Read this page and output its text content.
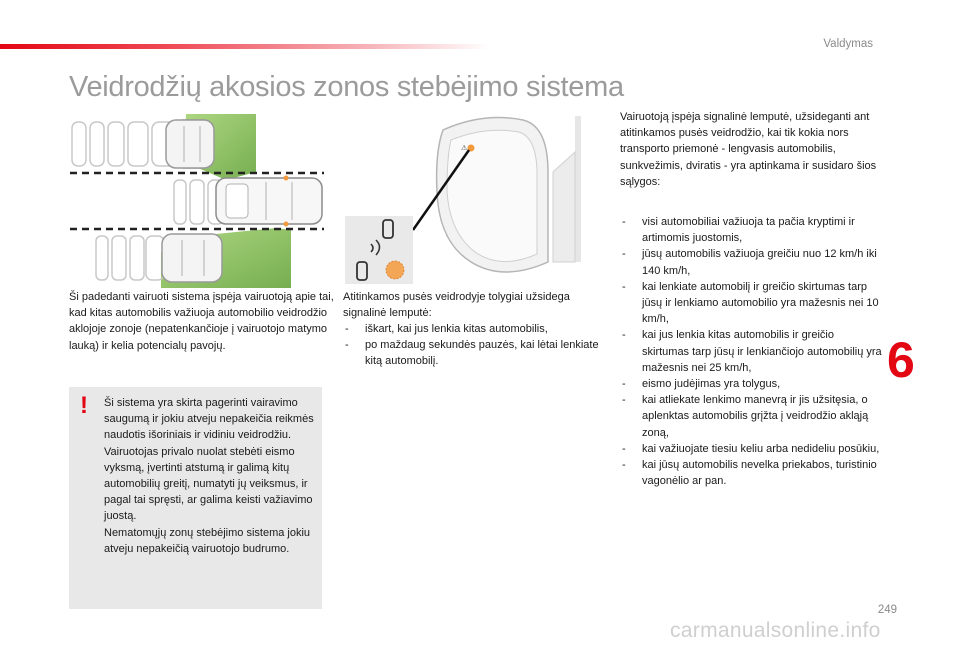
Valdymas
Veidrodžių akosios zonos stebėjimo sistema
⚠

Ši padedanti vairuoti sistema įspėja vairuotoją apie tai, kad kitas automobilis važiuoja automobilio veidrodžio aklojoje zonoje (nepatenkančioje į vairuotojo matymo lauką) ir kelia potencialų pavojų.

Atitinkamos pusės veidrodyje tolygiai užsidega signalinė lemputė:

- iškart, kai jus lenkia kitas automobilis,
- po maždaug sekundės pauzės, kai lėtai lenkiate kitą automobilį.

Vairuotoją įspėja signalinė lemputė, užsideganti ant atitinkamos pusės veidrodžio, kai tik kokia nors transporto priemonė - lengvasis automobilis, sunkvežimis, dviratis - yra aptinkama ir susidaro šios sąlygos:

- visi automobiliai važiuoja ta pačia kryptimi ir artimomis juostomis,
- jūsų automobilis važiuoja greičiu nuo 12 km/h iki 140 km/h,
- kai lenkiate automobilį ir greičio skirtumas tarp jūsų ir lenkiamo automobilio yra mažesnis nei 10 km/h,
- kai jus lenkia kitas automobilis ir greičio skirtumas tarp jūsų ir lenkiančiojo automobilių yra mažesnis nei 25 km/h,
- eismo judėjimas yra tolygus,
- kai atliekate lenkimo manevrą ir jis užsitęsia, o aplenktas automobilis grįžta į veidrodžio akląją zoną,
- kai važiuojate tiesiu keliu arba nedideliu posūkiu,
- kai jūsų automobilis nevelka priekabos, turistinio vagonėlio ar pan.
!	Ši sistema yra skirta pagerinti vairavimo saugumą ir jokiu atveju nepakeičia reikmės naudotis išoriniais ir vidiniu veidrodžiu. Vairuotojas privalo nuolat stebėti eismo vyksmą, įvertinti atstumą ir galimą kitų automobilių greitį, numatyti jų veiksmus, ir pagal tai spręsti, ar galima keisti važiavimo juostą.

Nematomųjų zonų stebėjimo sistema jokiu atveju nepakeičią vairuotojo budrumo.

6
249
carmanualsonline.info
